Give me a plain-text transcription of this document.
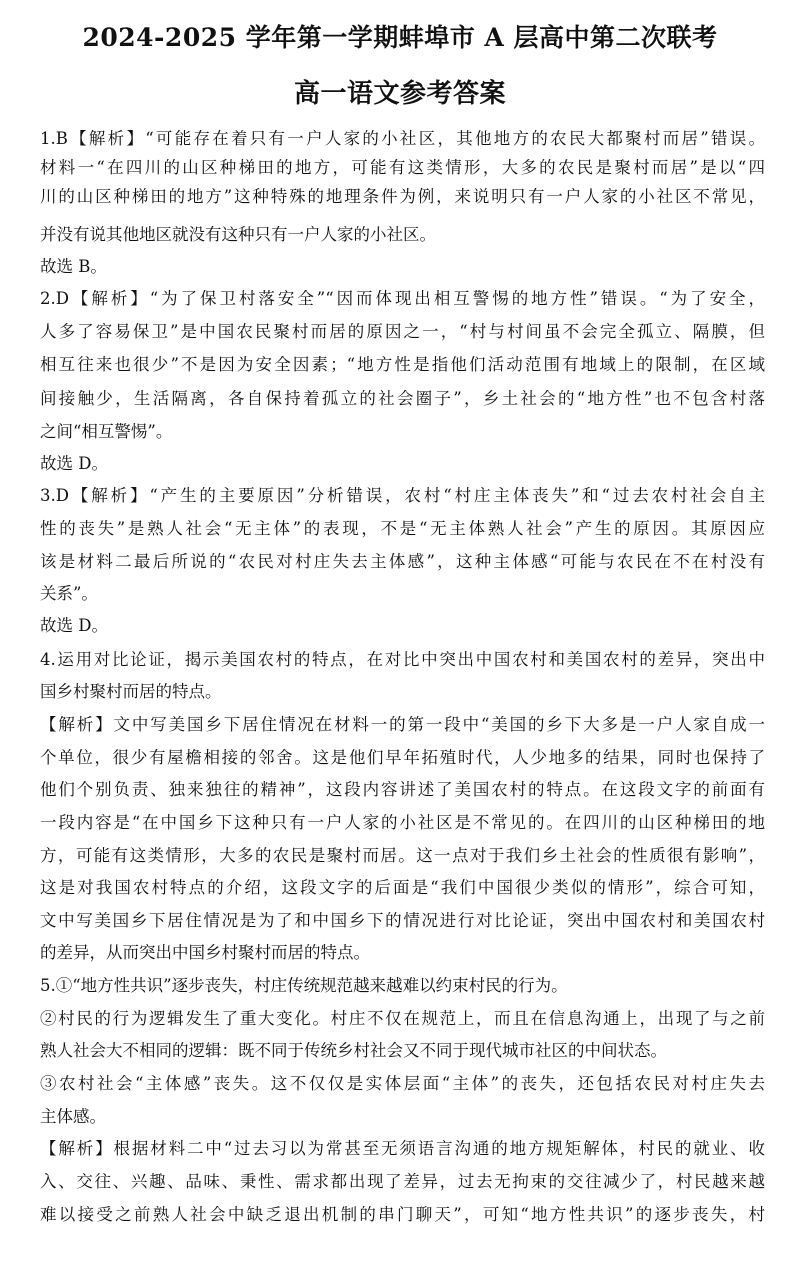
2024-2025 学年第一学期蚌埠市 A 层高中第二次联考
高一语文参考答案
1.B【解析】“可能存在着只有一户人家的小社区，其他地方的农民大都聚村而居”错误。
材料一“在四川的山区种梯田的地方，可能有这类情形，大多的农民是聚村而居”是以“四
川的山区种梯田的地方”这种特殊的地理条件为例，来说明只有一户人家的小社区不常见，
并没有说其他地区就没有这种只有一户人家的小社区。
故选 B。
2.D【解析】“为了保卫村落安全”“因而体现出相互警惕的地方性”错误。“为了安全，
人多了容易保卫”是中国农民聚村而居的原因之一，“村与村间虽不会完全孤立、隔膜，但
相互往来也很少”不是因为安全因素；“地方性是指他们活动范围有地域上的限制，在区域
间接触少，生活隔离，各自保持着孤立的社会圈子”，乡土社会的“地方性”也不包含村落
之间“相互警惕”。
故选 D。
3.D【解析】“产生的主要原因”分析错误，农村“村庄主体丧失”和“过去农村社会自主
性的丧失”是熟人社会“无主体”的表现，不是“无主体熟人社会”产生的原因。其原因应
该是材料二最后所说的“农民对村庄失去主体感”，这种主体感“可能与农民在不在村没有
关系”。
故选 D。
4.运用对比论证，揭示美国农村的特点，在对比中突出中国农村和美国农村的差异，突出中
国乡村聚村而居的特点。
【解析】文中写美国乡下居住情况在材料一的第一段中“美国的乡下大多是一户人家自成一
个单位，很少有屋檐相接的邻舍。这是他们早年拓殖时代，人少地多的结果，同时也保持了
他们个别负责、独来独往的精神”，这段内容讲述了美国农村的特点。在这段文字的前面有
一段内容是“在中国乡下这种只有一户人家的小社区是不常见的。在四川的山区种梯田的地
方，可能有这类情形，大多的农民是聚村而居。这一点对于我们乡土社会的性质很有影响”，
这是对我国农村特点的介绍，这段文字的后面是“我们中国很少类似的情形”，综合可知，
文中写美国乡下居住情况是为了和中国乡下的情况进行对比论证，突出中国农村和美国农村
的差异，从而突出中国乡村聚村而居的特点。
5.①“地方性共识”逐步丧失，村庄传统规范越来越难以约束村民的行为。
②村民的行为逻辑发生了重大变化。村庄不仅在规范上，而且在信息沟通上，出现了与之前
熟人社会大不相同的逻辑：既不同于传统乡村社会又不同于现代城市社区的中间状态。
③农村社会“主体感”丧失。这不仅仅是实体层面“主体”的丧失，还包括农民对村庄失去
主体感。
【解析】根据材料二中“过去习以为常甚至无须语言沟通的地方规矩解体，村民的就业、收
入、交往、兴趣、品味、秉性、需求都出现了差异，过去无拘束的交往减少了，村民越来越
难以接受之前熟人社会中缺乏退出机制的串门聊天”，可知“地方性共识”的逐步丧失，村
